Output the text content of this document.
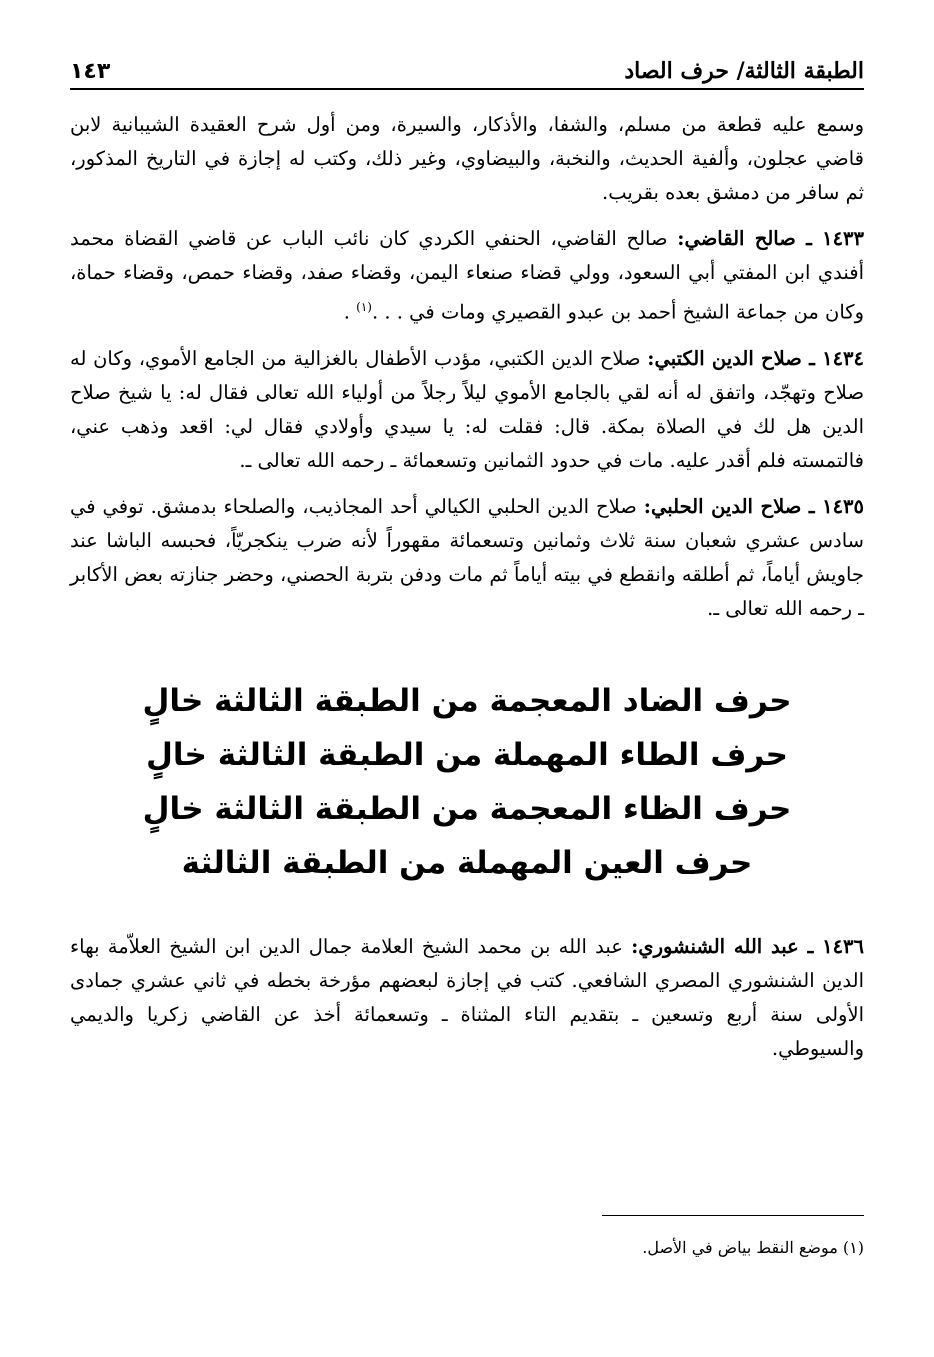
الطبقة الثالثة/ حرف الصاد
١٤٣

وسمع عليه قطعة من مسلم، والشفا، والأذكار، والسيرة، ومن أول شرح العقيدة الشيبانية لابن قاضي عجلون، وألفية الحديث، والنخبة، والبيضاوي، وغير ذلك، وكتب له إجازة في التاريخ المذكور، ثم سافر من دمشق بعده بقريب.

١٤٣٣ ـ صالح القاضي: صالح القاضي، الحنفي الكردي كان نائب الباب عن قاضي القضاة محمد أفندي ابن المفتي أبي السعود، وولي قضاء صنعاء اليمن، وقضاء صفد، وقضاء حمص، وقضاء حماة، وكان من جماعة الشيخ أحمد بن عبدو القصيري ومات في . . .$^{(١)}$ .

١٤٣٤ ـ صلاح الدين الكتبي: صلاح الدين الكتبي، مؤدب الأطفال بالغزالية من الجامع الأموي، وكان له صلاح وتهجّد، واتفق له أنه لقي بالجامع الأموي ليلاً رجلاً من أولياء الله تعالى فقال له: يا شيخ صلاح الدين هل لك في الصلاة بمكة. قال: فقلت له: يا سيدي وأولادي فقال لي: اقعد وذهب عني، فالتمسته فلم أقدر عليه. مات في حدود الثمانين وتسعمائة ـ رحمه الله تعالى ـ.

١٤٣٥ ـ صلاح الدين الحلبي: صلاح الدين الحلبي الكيالي أحد المجاذيب، والصلحاء بدمشق. توفي في سادس عشري شعبان سنة ثلاث وثمانين وتسعمائة مقهوراً لأنه ضرب ينكجريّاً، فحبسه الباشا عند جاويش أياماً، ثم أطلقه وانقطع في بيته أياماً ثم مات ودفن بتربة الحصني، وحضر جنازته بعض الأكابر ـ رحمه الله تعالى ـ.

حرف الضاد المعجمة من الطبقة الثالثة خالٍ

حرف الطاء المهملة من الطبقة الثالثة خالٍ

حرف الظاء المعجمة من الطبقة الثالثة خالٍ

حرف العين المهملة من الطبقة الثالثة

١٤٣٦ ـ عبد الله الشنشوري: عبد الله بن محمد الشيخ العلامة جمال الدين ابن الشيخ العلاّمة بهاء الدين الشنشوري المصري الشافعي. كتب في إجازة لبعضهم مؤرخة بخطه في ثاني عشري جمادى الأولى سنة أربع وتسعين ـ بتقديم التاء المثناة ـ وتسعمائة أخذ عن القاضي زكريا والديمي والسيوطي.

(١) موضع النقط بياض في الأصل.
